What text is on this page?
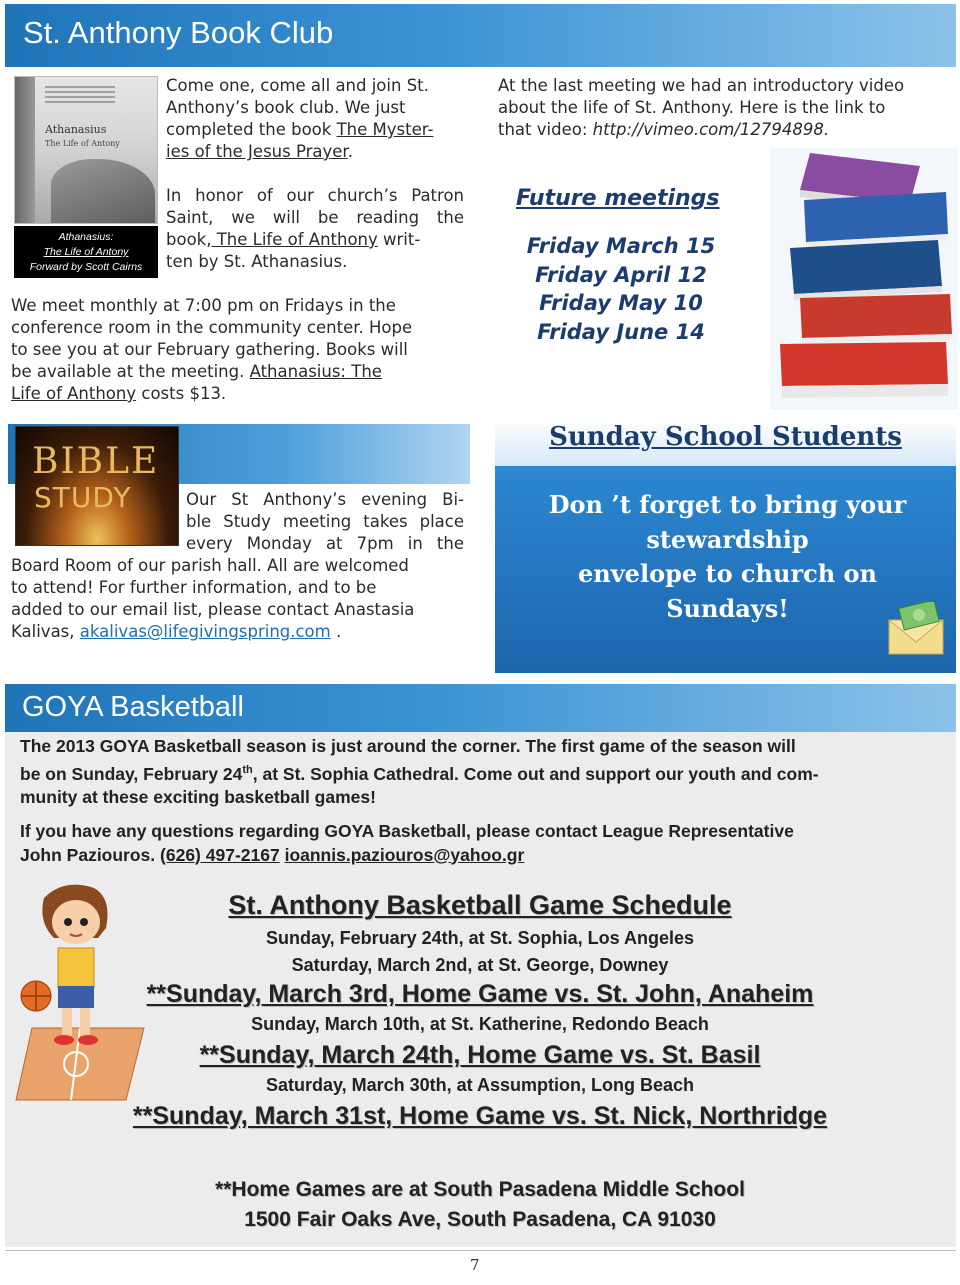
St. Anthony Book Club
Athanasius
The Life of Antony
Athanasius:
The Life of Antony
Forward by Scott Cairns
Come one, come all and join St.
Anthony’s book club. We just
completed the book The Myster-
ies of the Jesus Prayer.
In honor of our church’s Patron
Saint, we will be reading the
book, The Life of Anthony writ-
ten by St. Athanasius.
We meet monthly at 7:00 pm on Fridays in the
conference room in the community center. Hope
to see you at our February gathering. Books will
be available at the meeting. Athanasius: The
Life of Anthony costs $13.
At the last meeting we had an introductory video
about the life of St. Anthony. Here is the link to
that video: http://vimeo.com/12794898.
Future meetings
Friday March 15
Friday April 12
Friday May 10
Friday June 14
BIBLE
STUDY	Our St Anthony’s evening Bi-
ble Study meeting takes place
every Monday at 7pm in the
Board Room of our parish hall. All are welcomed
to attend! For further information, and to be
added to our email list, please contact Anastasia
Kalivas, akalivas@lifegivingspring.com .
Sunday School Students
Don ’t forget to bring your
stewardship
envelope to church on
Sundays!
GOYA Basketball
The 2013 GOYA Basketball season is just around the corner. The first game of the season will
be on Sunday, February 24th, at St. Sophia Cathedral. Come out and support our youth and com-
munity at these exciting basketball games!
If you have any questions regarding GOYA Basketball, please contact League Representative
John Paziouros. (626) 497-2167 ioannis.paziouros@yahoo.gr
St. Anthony Basketball Game Schedule
Sunday, February 24th, at St. Sophia, Los Angeles
Saturday, March 2nd, at St. George, Downey
**Sunday, March 3rd, Home Game vs. St. John, Anaheim
Sunday, March 10th, at St. Katherine, Redondo Beach
**Sunday, March 24th, Home Game vs. St. Basil
Saturday, March 30th, at Assumption, Long Beach
**Sunday, March 31st, Home Game vs. St. Nick, Northridge
**Home Games are at South Pasadena Middle School
1500 Fair Oaks Ave, South Pasadena, CA 91030
7
